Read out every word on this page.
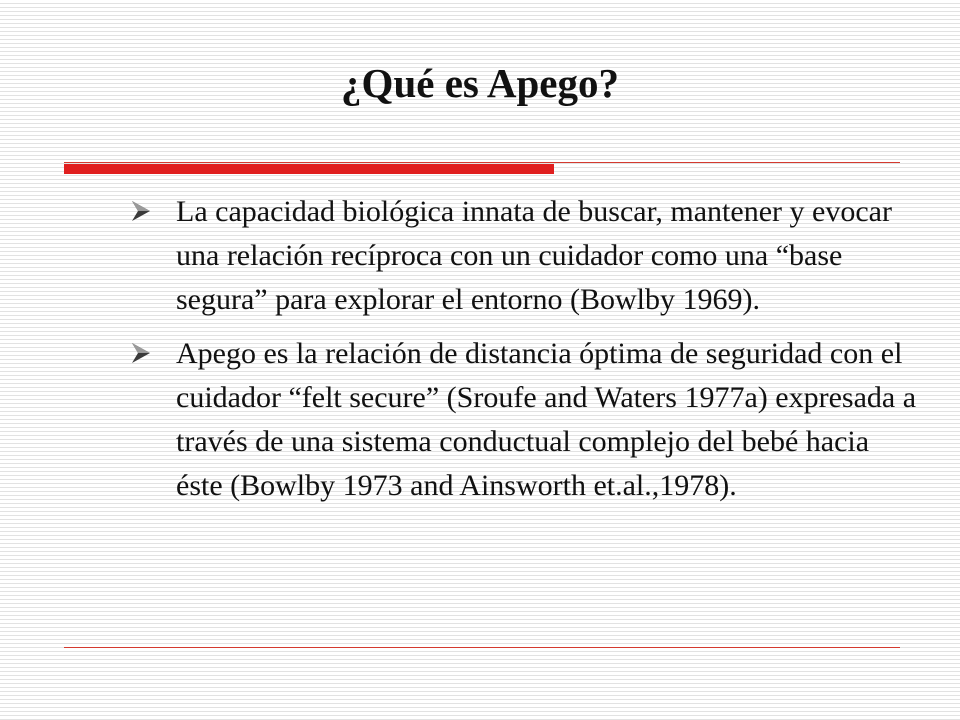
¿Qué es Apego?
La capacidad biológica innata de buscar, mantener y evocar una relación recíproca con un cuidador como una “base segura” para explorar el entorno (Bowlby 1969).
Apego es la relación de distancia óptima de seguridad con el cuidador “felt secure” (Sroufe and Waters 1977a) expresada a través de una sistema conductual complejo del bebé hacia éste (Bowlby 1973 and Ainsworth et.al.,1978).
